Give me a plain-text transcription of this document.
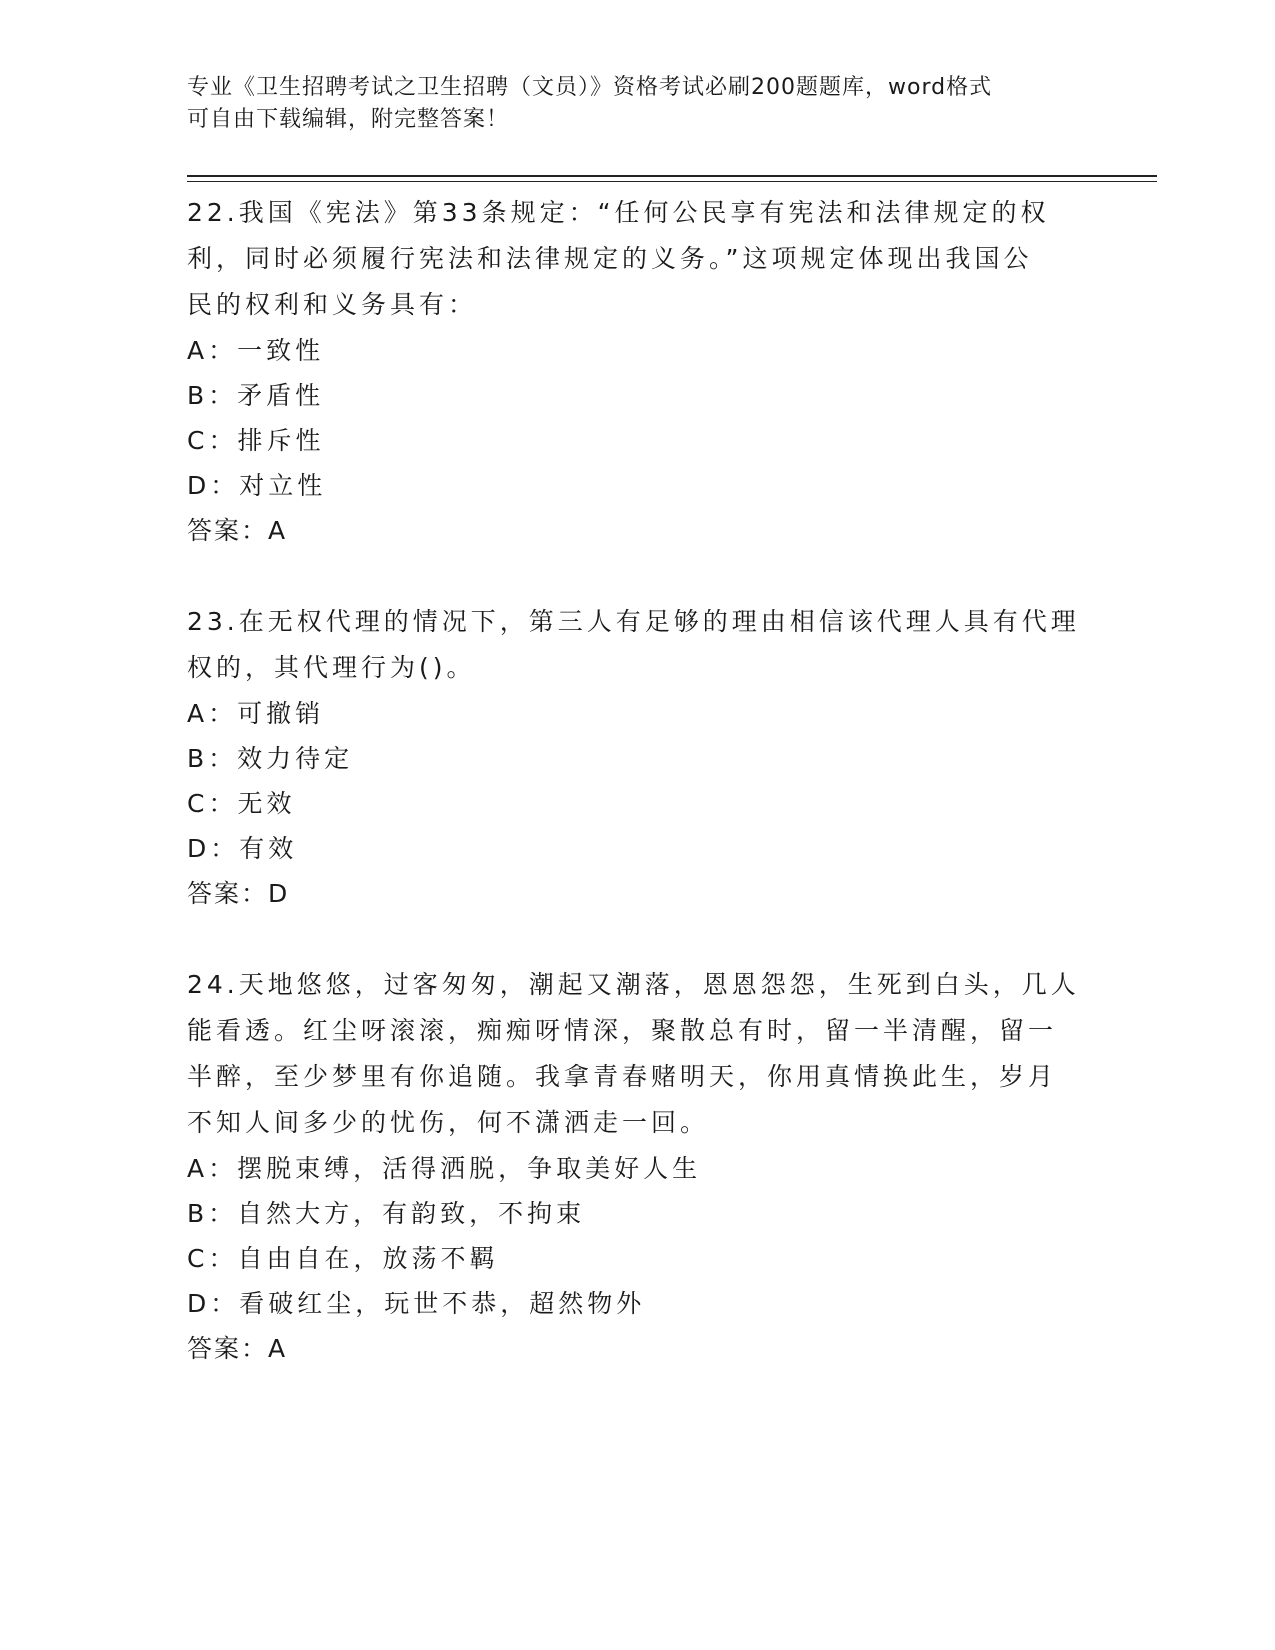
专业《卫生招聘考试之卫生招聘（文员）》资格考试必刷200题题库，word格式
可自由下载编辑，附完整答案！
22.我国《宪法》第33条规定：“任何公民享有宪法和法律规定的权
利，同时必须履行宪法和法律规定的义务。”这项规定体现出我国公
民的权利和义务具有：
A：一致性
B：矛盾性
C：排斥性
D：对立性
答案：A
23.在无权代理的情况下，第三人有足够的理由相信该代理人具有代理
权的，其代理行为()。
A：可撤销
B：效力待定
C：无效
D：有效
答案：D
24.天地悠悠，过客匆匆，潮起又潮落，恩恩怨怨，生死到白头，几人
能看透。红尘呀滚滚，痴痴呀情深，聚散总有时，留一半清醒，留一
半醉，至少梦里有你追随。我拿青春赌明天，你用真情换此生，岁月
不知人间多少的忧伤，何不潇洒走一回。
A：摆脱束缚，活得洒脱，争取美好人生
B：自然大方，有韵致，不拘束
C：自由自在，放荡不羁
D：看破红尘，玩世不恭，超然物外
答案：A
